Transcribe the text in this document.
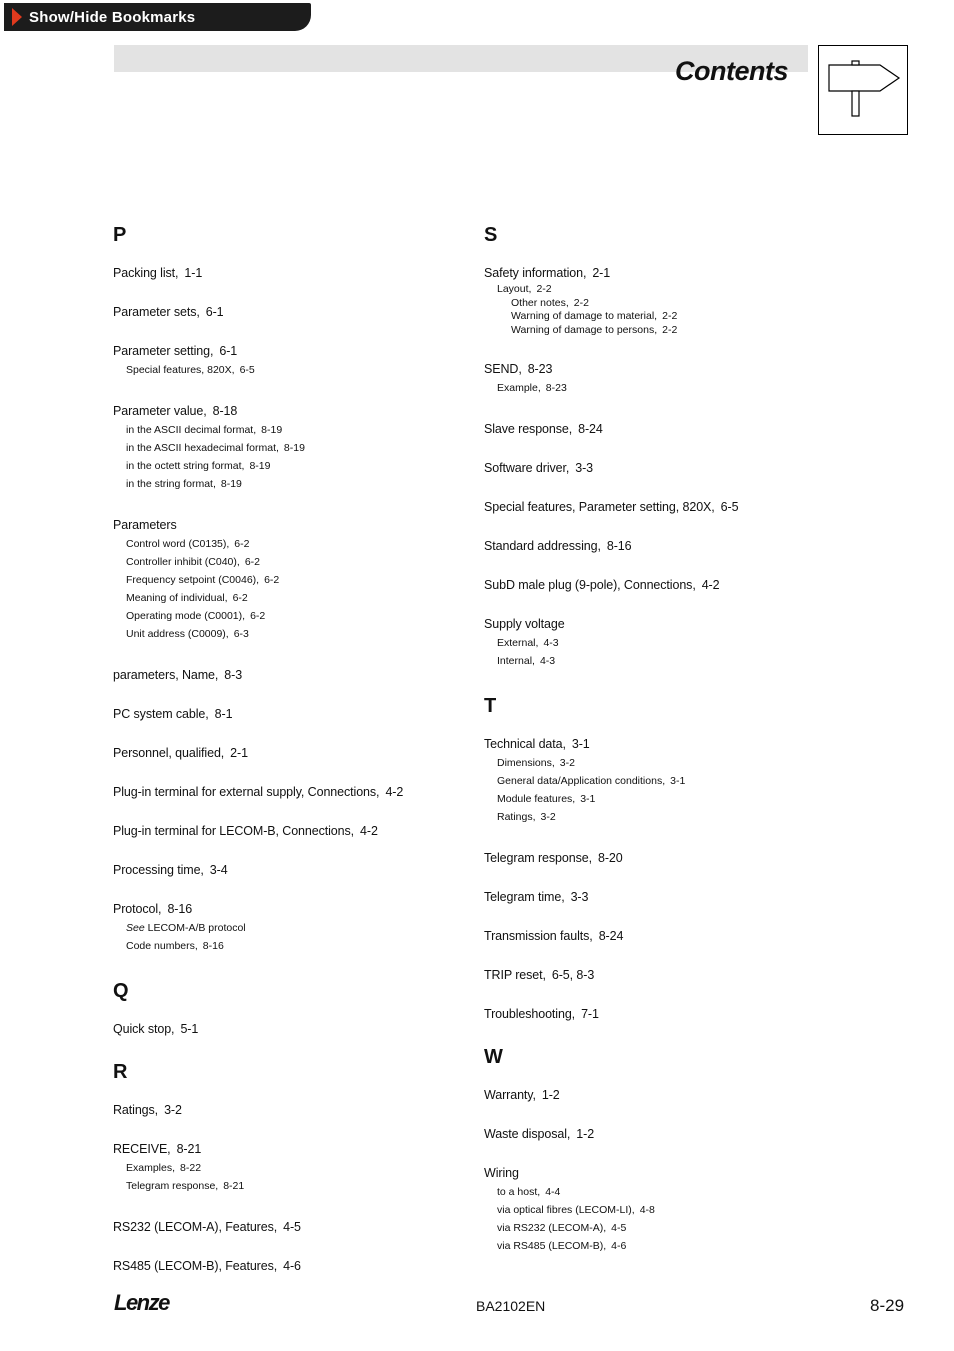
Show/Hide Bookmarks
Contents
P
Packing list, 1-1
Parameter sets, 6-1
Parameter setting, 6-1
Special features, 820X, 6-5
Parameter value, 8-18
in the ASCII decimal format, 8-19
in the ASCII hexadecimal format, 8-19
in the octett string format, 8-19
in the string format, 8-19
Parameters
Control word (C0135), 6-2
Controller inhibit (C040), 6-2
Frequency setpoint (C0046), 6-2
Meaning of individual, 6-2
Operating mode (C0001), 6-2
Unit address (C0009), 6-3
parameters, Name, 8-3
PC system cable, 8-1
Personnel, qualified, 2-1
Plug-in terminal for external supply, Connections, 4-2
Plug-in terminal for LECOM-B, Connections, 4-2
Processing time, 3-4
Protocol, 8-16
See LECOM-A/B protocol
Code numbers, 8-16
Q
Quick stop, 5-1
R
Ratings, 3-2
RECEIVE, 8-21
Examples, 8-22
Telegram response, 8-21
RS232 (LECOM-A), Features, 4-5
RS485 (LECOM-B), Features, 4-6
S
Safety information, 2-1
Layout, 2-2
Other notes, 2-2
Warning of damage to material, 2-2
Warning of damage to persons, 2-2
SEND, 8-23
Example, 8-23
Slave response, 8-24
Software driver, 3-3
Special features, Parameter setting, 820X, 6-5
Standard addressing, 8-16
SubD male plug (9-pole), Connections, 4-2
Supply voltage
External, 4-3
Internal, 4-3
T
Technical data, 3-1
Dimensions, 3-2
General data/Application conditions, 3-1
Module features, 3-1
Ratings, 3-2
Telegram response, 8-20
Telegram time, 3-3
Transmission faults, 8-24
TRIP reset, 6-5, 8-3
Troubleshooting, 7-1
W
Warranty, 1-2
Waste disposal, 1-2
Wiring
to a host, 4-4
via optical fibres (LECOM-LI), 4-8
via RS232 (LECOM-A), 4-5
via RS485 (LECOM-B), 4-6
Lenze	BA2102EN	8-29
